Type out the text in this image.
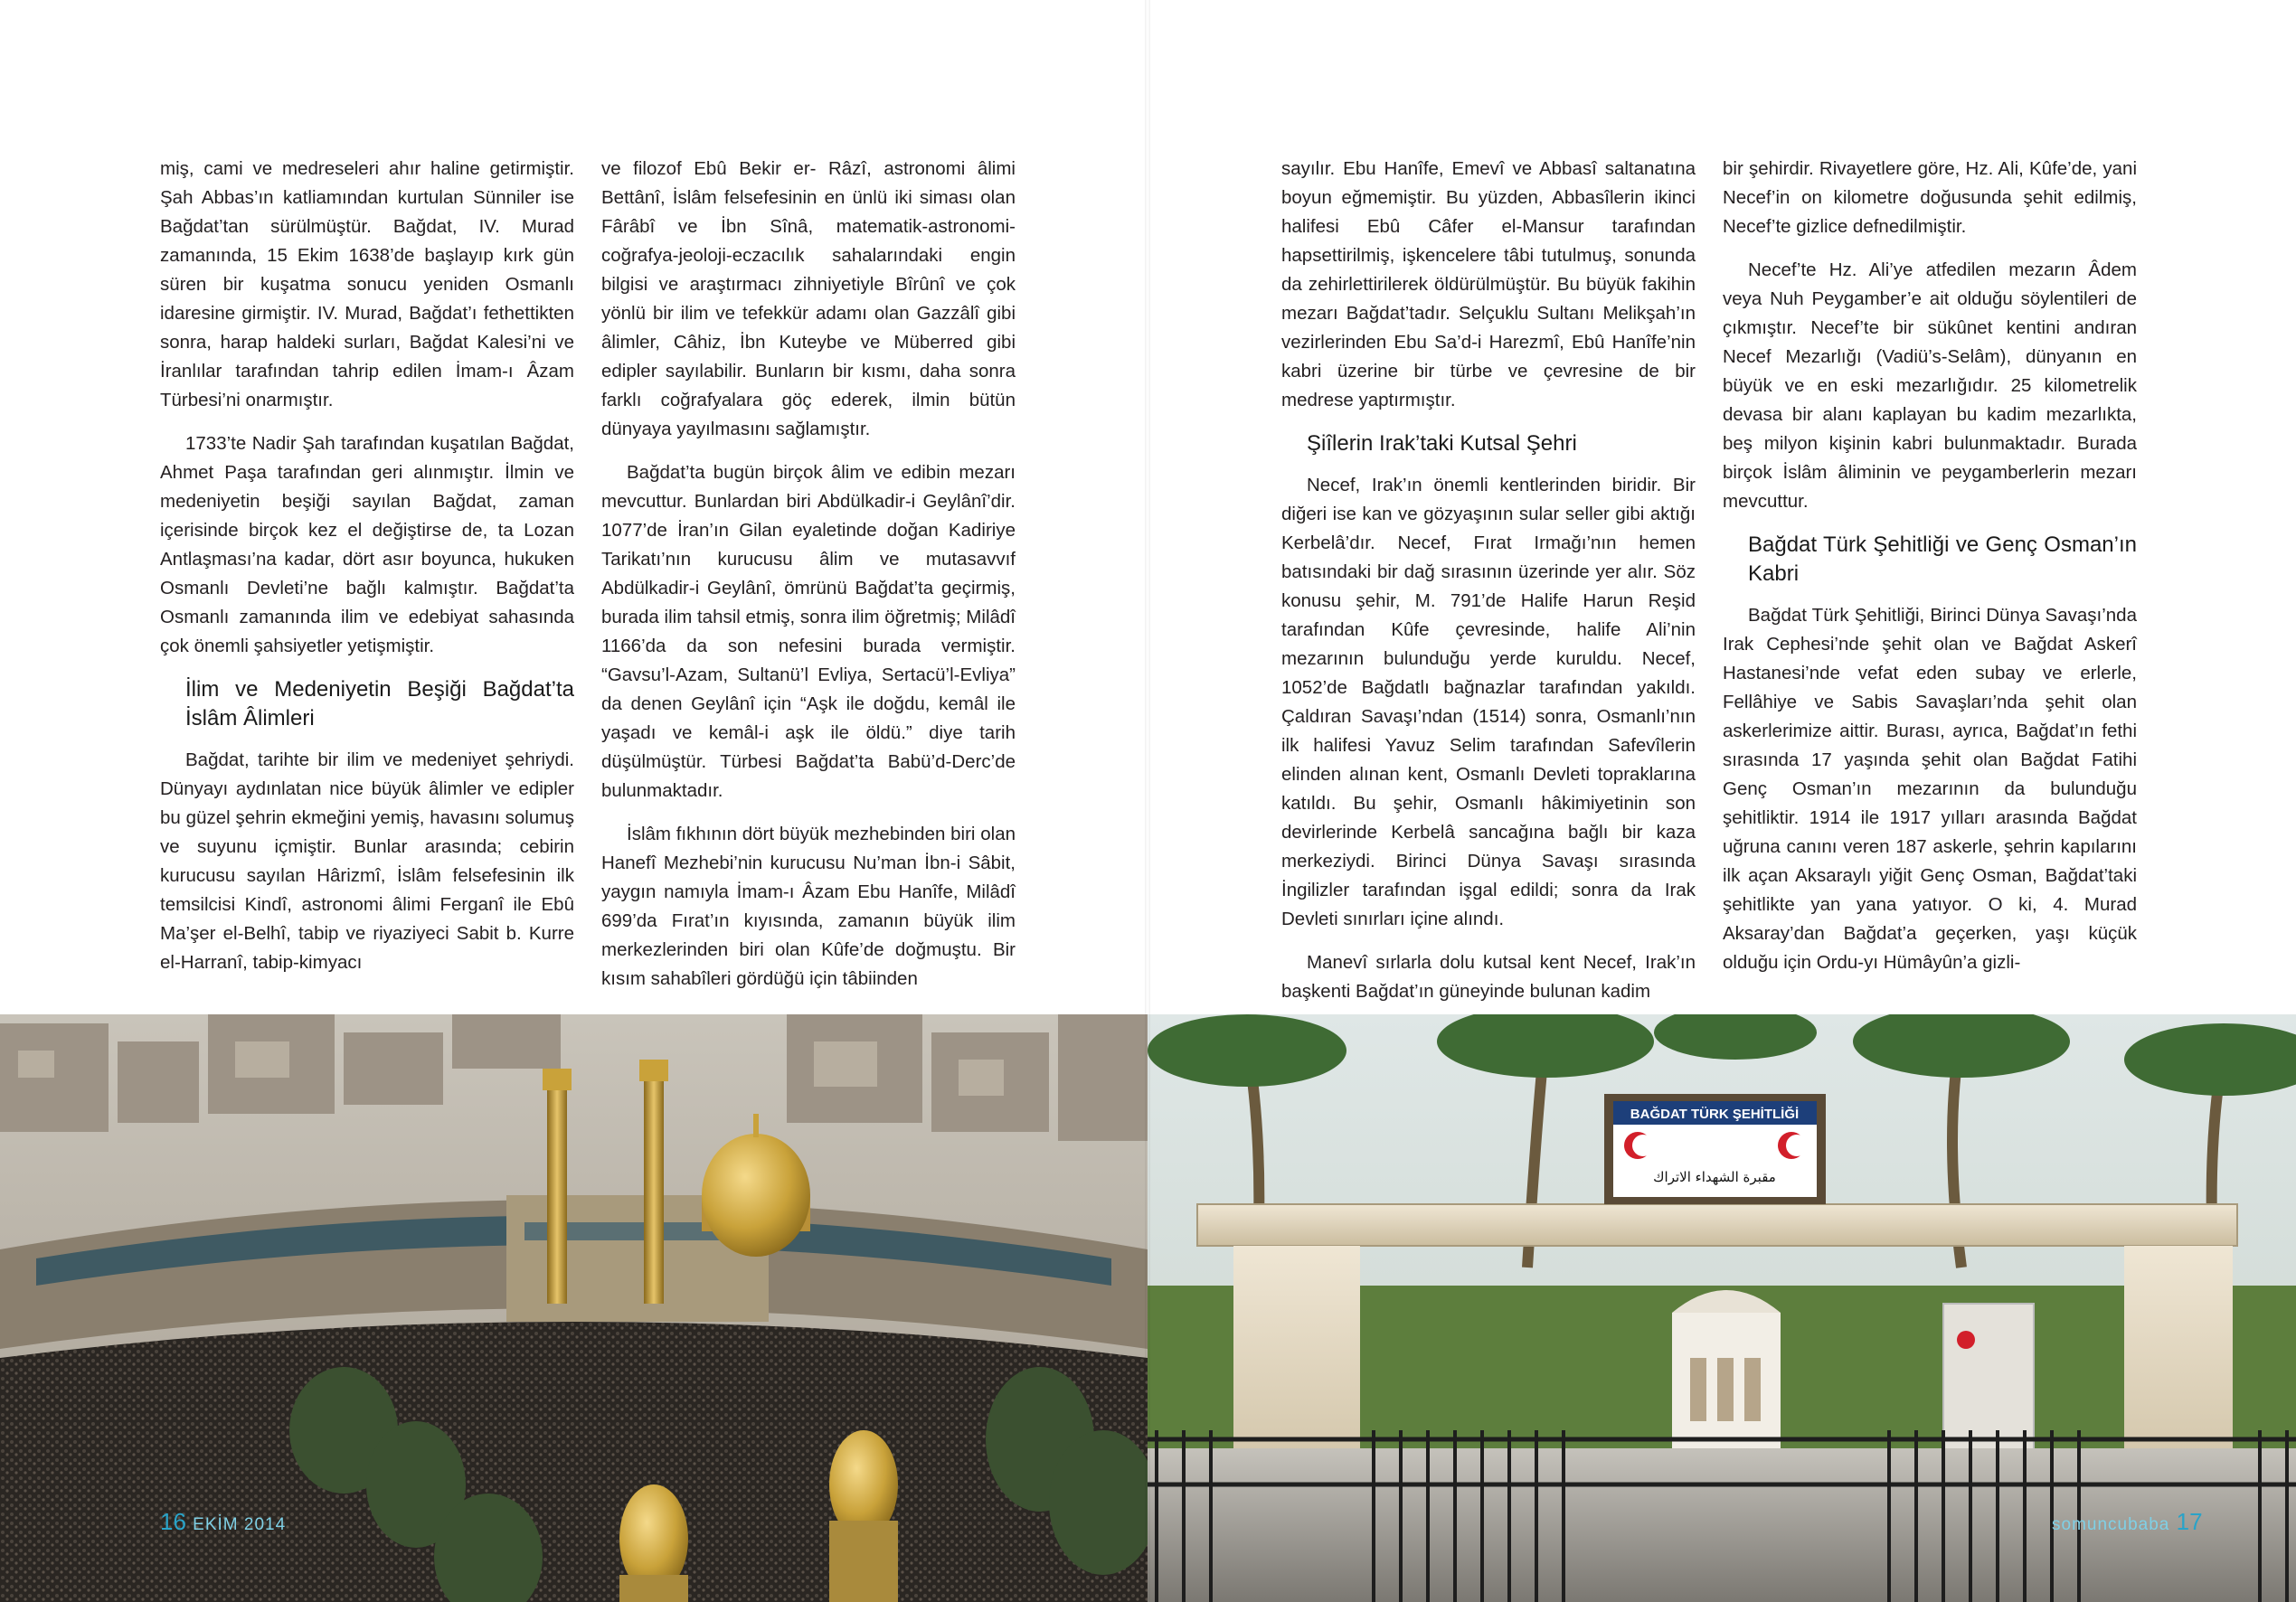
miş, cami ve medreseleri ahır haline getirmiştir. Şah Abbas’ın katliamından kurtulan Sünniler ise Bağdat’tan sürülmüştür. Bağdat, IV. Murad zamanında, 15 Ekim 1638’de başlayıp kırk gün süren bir kuşatma sonucu yeniden Osmanlı idaresine girmiştir. IV. Murad, Bağdat’ı fethettikten sonra, harap haldeki surları, Bağdat Kalesi’ni ve İranlılar tarafından tahrip edilen İmam-ı Âzam Türbesi’ni onarmıştır.

1733’te Nadir Şah tarafından kuşatılan Bağdat, Ahmet Paşa tarafından geri alınmıştır. İlmin ve medeniyetin beşiği sayılan Bağdat, zaman içerisinde birçok kez el değiştirse de, ta Lozan Antlaşması’na kadar, dört asır boyunca, hukuken Osmanlı Devleti’ne bağlı kalmıştır. Bağdat’ta Osmanlı zamanında ilim ve edebiyat sahasında çok önemli şahsiyetler yetişmiştir.

İlim ve Medeniyetin Beşiği Bağdat’ta İslâm Âlimleri

Bağdat, tarihte bir ilim ve medeniyet şehriydi. Dünyayı aydınlatan nice büyük âlimler ve edipler bu güzel şehrin ekmeğini yemiş, havasını solumuş ve suyunu içmiştir. Bunlar arasında; cebirin kurucusu sayılan Hârizmî, İslâm felsefesinin ilk temsilcisi Kindî, astronomi âlimi Ferganî ile Ebû Ma’şer el-Belhî, tabip ve riyaziyeci Sabit b. Kurre el-Harranî, tabip-kimyacı

ve filozof Ebû Bekir er- Râzî, astronomi âlimi Bettânî, İslâm felsefesinin en ünlü iki siması olan Fârâbî ve İbn Sînâ, matematik-astronomi-coğrafya-jeoloji-eczacılık sahalarındaki engin bilgisi ve araştırmacı zihniyetiyle Bîrûnî ve çok yönlü bir ilim ve tefekkür adamı olan Gazzâlî gibi âlimler, Câhiz, İbn Kuteybe ve Müberred gibi edipler sayılabilir. Bunların bir kısmı, daha sonra farklı coğrafyalara göç ederek, ilmin bütün dünyaya yayılmasını sağlamıştır.

Bağdat’ta bugün birçok âlim ve edibin mezarı mevcuttur. Bunlardan biri Abdülkadir-i Geylânî’dir. 1077’de İran’ın Gilan eyaletinde doğan Kadiriye Tarikatı’nın kurucusu âlim ve mutasavvıf Abdülkadir-i Geylânî, ömrünü Bağdat’ta geçirmiş, burada ilim tahsil etmiş, sonra ilim öğretmiş; Milâdî 1166’da da son nefesini burada vermiştir. “Gavsu’l-Azam, Sultanü’l Evliya, Sertacü’l-Evliya” da denen Geylânî için “Aşk ile doğdu, kemâl ile yaşadı ve kemâl-i aşk ile öldü.” diye tarih düşülmüştür. Türbesi Bağdat’ta Babü’d-Derc’de bulunmaktadır.

İslâm fıkhının dört büyük mezhebinden biri olan Hanefî Mezhebi’nin kurucusu Nu’man İbn-i Sâbit, yaygın namıyla İmam-ı Âzam Ebu Hanîfe, Milâdî 699’da Fırat’ın kıyısında, zamanın büyük ilim merkezlerinden biri olan Kûfe’de doğmuştu. Bir kısım sahabîleri gördüğü için tâbiinden

16 EKİM 2014

sayılır. Ebu Hanîfe, Emevî ve Abbasî saltanatına boyun eğmemiştir. Bu yüzden, Abbasîlerin ikinci halifesi Ebû Câfer el-Mansur tarafından hapsettirilmiş, işkencelere tâbi tutulmuş, sonunda da zehirlettirilerek öldürülmüştür. Bu büyük fakihin mezarı Bağdat’tadır. Selçuklu Sultanı Melikşah’ın vezirlerinden Ebu Sa’d-i Harezmî, Ebû Hanîfe’nin kabri üzerine bir türbe ve çevresine de bir medrese yaptırmıştır.

Şiîlerin Irak’taki Kutsal Şehri

Necef, Irak’ın önemli kentlerinden biridir. Bir diğeri ise kan ve gözyaşının sular seller gibi aktığı Kerbelâ’dır. Necef, Fırat Irmağı’nın hemen batısındaki bir dağ sırasının üzerinde yer alır. Söz konusu şehir, M. 791’de Halife Harun Reşid tarafından Kûfe çevresinde, halife Ali’nin mezarının bulunduğu yerde kuruldu. Necef, 1052’de Bağdatlı bağnazlar tarafından yakıldı. Çaldıran Savaşı’ndan (1514) sonra, Osmanlı’nın ilk halifesi Yavuz Selim tarafından Safevîlerin elinden alınan kent, Osmanlı Devleti topraklarına katıldı. Bu şehir, Osmanlı hâkimiyetinin son devirlerinde Kerbelâ sancağına bağlı bir kaza merkeziydi. Birinci Dünya Savaşı sırasında İngilizler tarafından işgal edildi; sonra da Irak Devleti sınırları içine alındı.

Manevî sırlarla dolu kutsal kent Necef, Irak’ın başkenti Bağdat’ın güneyinde bulunan kadim

bir şehirdir. Rivayetlere göre, Hz. Ali, Kûfe’de, yani Necef’in on kilometre doğusunda şehit edilmiş, Necef’te gizlice defnedilmiştir.

Necef’te Hz. Ali’ye atfedilen mezarın Âdem veya Nuh Peygamber’e ait olduğu söylentileri de çıkmıştır. Necef’te bir sükûnet kentini andıran Necef Mezarlığı (Vadiü’s-Selâm), dünyanın en büyük ve en eski mezarlığıdır. 25 kilometrelik devasa bir alanı kaplayan bu kadim mezarlıkta, beş milyon kişinin kabri bulunmaktadır. Burada birçok İslâm âliminin ve peygamberlerin mezarı mevcuttur.

Bağdat Türk Şehitliği ve Genç Osman’ın Kabri

Bağdat Türk Şehitliği, Birinci Dünya Savaşı’nda Irak Cephesi’nde şehit olan ve Bağdat Askerî Hastanesi’nde vefat eden subay ve erlerle, Fellâhiye ve Sabis Savaşları’nda şehit olan askerlerimize aittir. Burası, ayrıca, Bağdat’ın fethi sırasında 17 yaşında şehit olan Bağdat Fatihi Genç Osman’ın mezarının da bulunduğu şehitliktir. 1914 ile 1917 yılları arasında Bağdat uğruna canını veren 187 askerle, şehrin kapılarını ilk açan Aksaraylı yiğit Genç Osman, Bağdat’taki şehitlikte yan yana yatıyor. O ki, 4. Murad Aksaray’dan Bağdat’a geçerken, yaşı küçük olduğu için Ordu-yı Hümâyûn’a gizli-

BAĞDAT TÜRK ŞEHİTLİĞİ
مقبرة الشهداء الاتراك
somuncubaba 17
